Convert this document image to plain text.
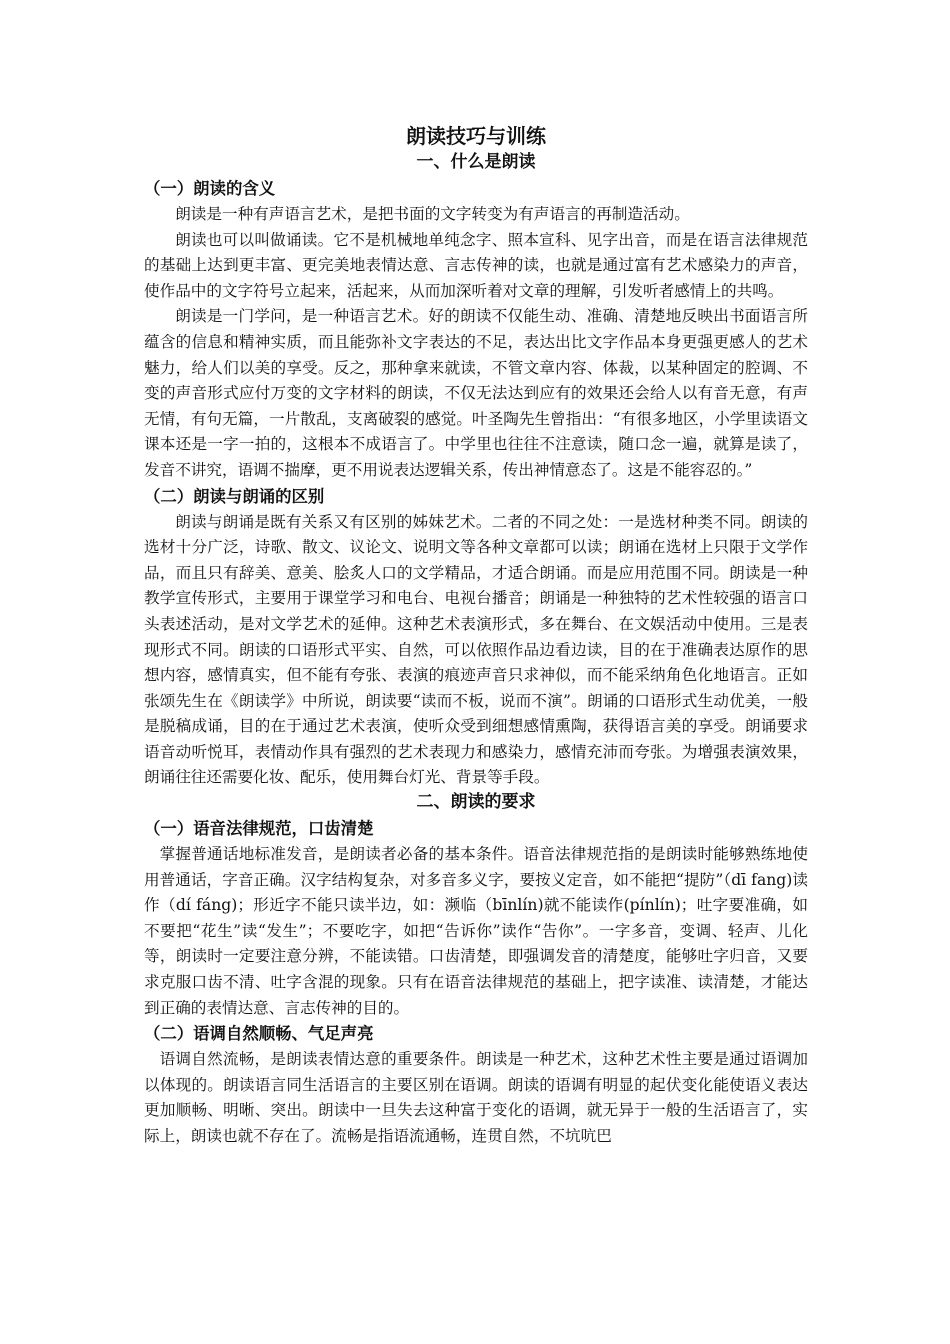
朗读技巧与训练
一、什么是朗读
（一）朗读的含义

朗读是一种有声语言艺术，是把书面的文字转变为有声语言的再制造活动。

朗读也可以叫做诵读。它不是机械地单纯念字、照本宣科、见字出音，而是在语言法律规范的基础上达到更丰富、更完美地表情达意、言志传神的读，也就是通过富有艺术感染力的声音，使作品中的文字符号立起来，活起来，从而加深听着对文章的理解，引发听者感情上的共鸣。

朗读是一门学问，是一种语言艺术。好的朗读不仅能生动、准确、清楚地反映出书面语言所蕴含的信息和精神实质，而且能弥补文字表达的不足，表达出比文字作品本身更强更感人的艺术魅力，给人们以美的享受。反之，那种拿来就读，不管文章内容、体裁，以某种固定的腔调、不变的声音形式应付万变的文字材料的朗读，不仅无法达到应有的效果还会给人以有音无意，有声无情，有句无篇，一片散乱，支离破裂的感觉。叶圣陶先生曾指出：“有很多地区，小学里读语文课本还是一字一拍的，这根本不成语言了。中学里也往往不注意读，随口念一遍，就算是读了，发音不讲究，语调不揣摩，更不用说表达逻辑关系，传出神情意态了。这是不能容忍的。”

（二）朗读与朗诵的区别

朗读与朗诵是既有关系又有区别的姊妹艺术。二者的不同之处：一是选材种类不同。朗读的选材十分广泛，诗歌、散文、议论文、说明文等各种文章都可以读；朗诵在选材上只限于文学作品，而且只有辞美、意美、脍炙人口的文学精品，才适合朗诵。而是应用范围不同。朗读是一种教学宣传形式，主要用于课堂学习和电台、电视台播音；朗诵是一种独特的艺术性较强的语言口头表述活动，是对文学艺术的延伸。这种艺术表演形式，多在舞台、在文娱活动中使用。三是表现形式不同。朗读的口语形式平实、自然，可以依照作品边看边读，目的在于准确表达原作的思想内容，感情真实，但不能有夸张、表演的痕迹声音只求神似，而不能采纳角色化地语言。正如张颂先生在《朗读学》中所说，朗读要“读而不板，说而不演”。朗诵的口语形式生动优美，一般是脱稿成诵，目的在于通过艺术表演，使听众受到细想感情熏陶，获得语言美的享受。朗诵要求语音动听悦耳，表情动作具有强烈的艺术表现力和感染力，感情充沛而夸张。为增强表演效果，朗诵往往还需要化妆、配乐，使用舞台灯光、背景等手段。

二、朗读的要求
（一）语音法律规范，口齿清楚

掌握普通话地标准发音，是朗读者必备的基本条件。语音法律规范指的是朗读时能够熟练地使用普通话，字音正确。汉字结构复杂，对多音多义字，要按义定音，如不能把“提防”（dī fang)读作（dí fáng)；形近字不能只读半边，如：濒临（bīnlín)就不能读作(pínlín)；吐字要准确，如不要把“花生”读“发生”；不要吃字，如把“告诉你”读作“告你”。一字多音，变调、轻声、儿化等，朗读时一定要注意分辨，不能读错。口齿清楚，即强调发音的清楚度，能够吐字归音，又要求克服口齿不清、吐字含混的现象。只有在语音法律规范的基础上，把字读准、读清楚，才能达到正确的表情达意、言志传神的目的。

（二）语调自然顺畅、气足声亮

语调自然流畅，是朗读表情达意的重要条件。朗读是一种艺术，这种艺术性主要是通过语调加以体现的。朗读语言同生活语言的主要区别在语调。朗读的语调有明显的起伏变化能使语义表达更加顺畅、明晰、突出。朗读中一旦失去这种富于变化的语调，就无异于一般的生活语言了，实际上，朗读也就不存在了。流畅是指语流通畅，连贯自然，不坑吭巴
